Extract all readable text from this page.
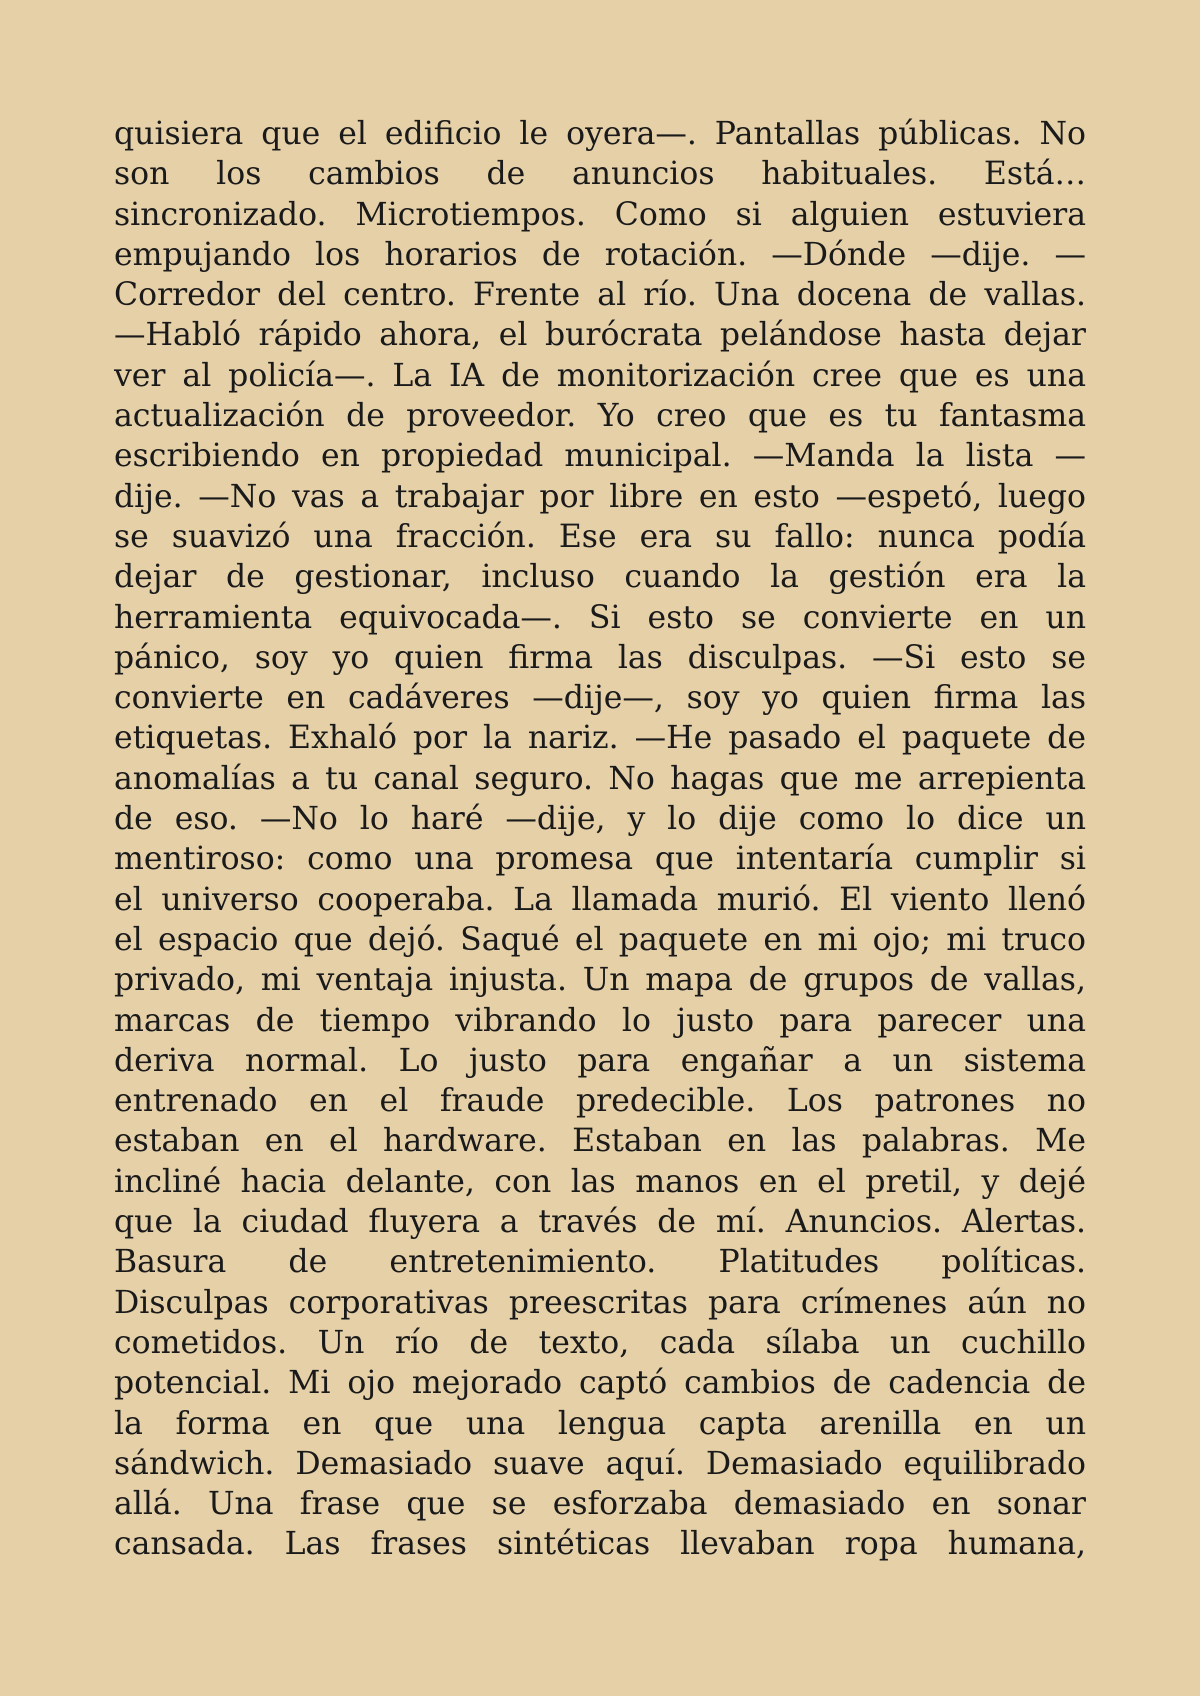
quisiera que el edificio le oyera—. Pantallas públicas. No
son los cambios de anuncios habituales. Está…
sincronizado. Microtiempos. Como si alguien estuviera
empujando los horarios de rotación. —Dónde —dije. —
Corredor del centro. Frente al río. Una docena de vallas.
—Habló rápido ahora, el burócrata pelándose hasta dejar
ver al policía—. La IA de monitorización cree que es una
actualización de proveedor. Yo creo que es tu fantasma
escribiendo en propiedad municipal. —Manda la lista —
dije. —No vas a trabajar por libre en esto —espetó, luego
se suavizó una fracción. Ese era su fallo: nunca podía
dejar de gestionar, incluso cuando la gestión era la
herramienta equivocada—. Si esto se convierte en un
pánico, soy yo quien firma las disculpas. —Si esto se
convierte en cadáveres —dije—, soy yo quien firma las
etiquetas. Exhaló por la nariz. —He pasado el paquete de
anomalías a tu canal seguro. No hagas que me arrepienta
de eso. —No lo haré —dije, y lo dije como lo dice un
mentiroso: como una promesa que intentaría cumplir si
el universo cooperaba. La llamada murió. El viento llenó
el espacio que dejó. Saqué el paquete en mi ojo; mi truco
privado, mi ventaja injusta. Un mapa de grupos de vallas,
marcas de tiempo vibrando lo justo para parecer una
deriva normal. Lo justo para engañar a un sistema
entrenado en el fraude predecible. Los patrones no
estaban en el hardware. Estaban en las palabras. Me
incliné hacia delante, con las manos en el pretil, y dejé
que la ciudad fluyera a través de mí. Anuncios. Alertas.
Basura de entretenimiento. Platitudes políticas.
Disculpas corporativas preescritas para crímenes aún no
cometidos. Un río de texto, cada sílaba un cuchillo
potencial. Mi ojo mejorado captó cambios de cadencia de
la forma en que una lengua capta arenilla en un
sándwich. Demasiado suave aquí. Demasiado equilibrado
allá. Una frase que se esforzaba demasiado en sonar
cansada. Las frases sintéticas llevaban ropa humana,
